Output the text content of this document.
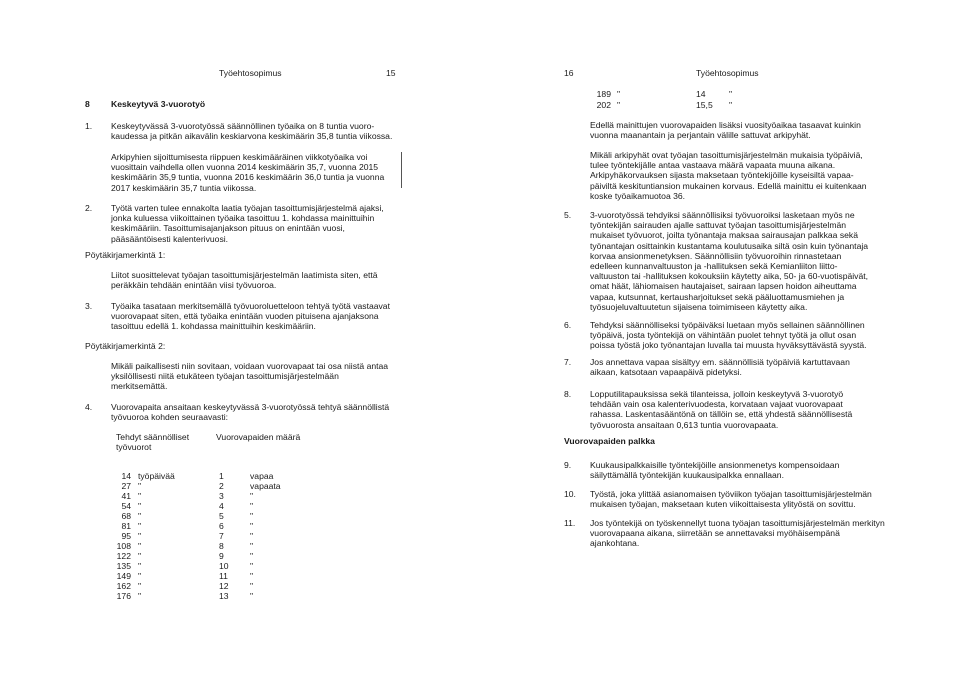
Työehtosopimus	15
8 Keskeytyvä 3-vuorotyö
1. Keskeytyvässä 3-vuorotyössä säännöllinen työaika on 8 tuntia vuoro-
kaudessa ja pitkän aikavälin keskiarvona keskimäärin 35,8 tuntia viikossa.
Arkipyhien sijoittumisesta riippuen keskimääräinen viikkotyöaika voi
vuosittain vaihdella ollen vuonna 2014 keskimäärin 35,7, vuonna 2015
keskimäärin 35,9 tuntia, vuonna 2016 keskimäärin 36,0 tuntia ja vuonna
2017 keskimäärin 35,7 tuntia viikossa.
2. Työtä varten tulee ennakolta laatia työajan tasoittumisjärjestelmä ajaksi,
jonka kuluessa viikoittainen työaika tasoittuu 1. kohdassa mainittuihin
keskimääriin. Tasoittumisajanjakson pituus on enintään vuosi,
pääsääntöisesti kalenterivuosi.
Pöytäkirjamerkintä 1:
Liitot suosittelevat työajan tasoittumisjärjestelmän laatimista siten, että
peräkkäin tehdään enintään viisi työvuoroa.
3. Työaika tasataan merkitsemällä työvuoroluetteloon tehtyä työtä vastaavat
vuorovapaat siten, että työaika enintään vuoden pituisena ajanjaksona
tasoittuu edellä 1. kohdassa mainittuihin keskimääriin.
Pöytäkirjamerkintä 2:
Mikäli paikallisesti niin sovitaan, voidaan vuorovapaat tai osa niistä antaa
yksilöllisesti niitä etukäteen työajan tasoittumisjärjestelmään
merkitsemättä.
4. Vuorovapaita ansaitaan keskeytyvässä 3-vuorotyössä tehtyä säännöllistä
työvuoroa kohden seuraavasti:
Tehdyt säännölliset
työvuorot
Vuorovapaiden määrä
14 työpäivää	1	vapaa
27 "	2	vapaata
41 "	3	"
54 "	4	"
68 "	5	"
81 "	6	"
95 "	7	"
108 "	8	"
122 "	9	"
135 "	10	"
149 "	11	"
162 "	12	"
176 "	13	"
16	Työehtosopimus
189 "	14	"
202 "	15,5	"
Edellä mainittujen vuorovapaiden lisäksi vuosityöaikaa tasaavat kuinkin
vuonna maanantain ja perjantain välille sattuvat arkipyhät.
Mikäli arkipyhät ovat työajan tasoittumisjärjestelmän mukaisia työpäiviä,
tulee työntekijälle antaa vastaava määrä vapaata muuna aikana.
Arkipyhäkorvauksen sijasta maksetaan työntekijöille kyseisiltä vapaa-
päiviltä keskituntiansion mukainen korvaus. Edellä mainittu ei kuitenkaan
koske työaikamuotoa 36.
5. 3-vuorotyössä tehdyiksi säännöllisiksi työvuoroiksi lasketaan myös ne
työntekijän sairauden ajalle sattuvat työajan tasoittumisjärjestelmän
mukaiset työvuorot, joilta työnantaja maksaa sairausajan palkkaa sekä
työnantajan osittainkin kustantama koulutusaika siltä osin kuin työnantaja
korvaa ansionmenetyksen. Säännöllisiin työvuoroihin rinnastetaan
edelleen kunnanvaltuuston ja -hallituksen sekä Kemianliiton liitto-
valtuuston tai -hallituksen kokouksiin käytetty aika, 50- ja 60-vuotispäivät,
omat häät, lähiomaisen hautajaiset, sairaan lapsen hoidon aiheuttama
vapaa, kutsunnat, kertausharjoitukset sekä pääluottamusmiehen ja
työsuojeluvaltuutetun sijaisena toimimiseen käytetty aika.
6. Tehdyksi säännölliseksi työpäiväksi luetaan myös sellainen säännöllinen
työpäivä, josta työntekijä on vähintään puolet tehnyt työtä ja ollut osan
poissa työstä joko työnantajan luvalla tai muusta hyväksyttävästä syystä.
7. Jos annettava vapaa sisältyy em. säännöllisiä työpäiviä kartuttavaan
aikaan, katsotaan vapaapäivä pidetyksi.
8. Lopputilitapauksissa sekä tilanteissa, jolloin keskeytyvä 3-vuorotyö
tehdään vain osa kalenterivuodesta, korvataan vajaat vuorovapaat
rahassa. Laskentasääntönä on tällöin se, että yhdestä säännöllisestä
työvuorosta ansaitaan 0,613 tuntia vuorovapaata.
Vuorovapaiden palkka
9. Kuukausipalkkaisille työntekijöille ansionmenetys kompensoidaan
säilyttämällä työntekijän kuukausipalkka ennallaan.
10. Työstä, joka ylittää asianomaisen työviikon työajan tasoittumisjärjestelmän
mukaisen työajan, maksetaan kuten viikoittaisesta ylityöstä on sovittu.
11. Jos työntekijä on työskennellyt tuona työajan tasoittumisjärjestelmän merkityn
vuorovapaana aikana, siirretään se annettavaksi myöhäisempänä
ajankohtana.
